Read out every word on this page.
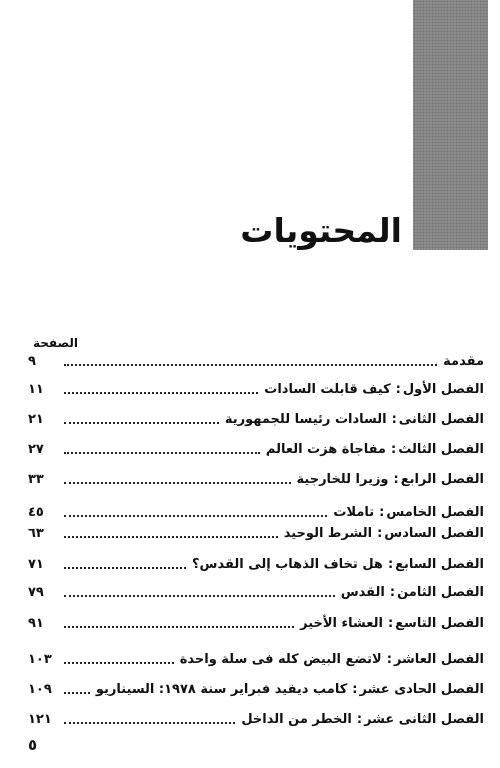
المحتويات
الصفحة
مقدمة
٩
الفصل الأول
:
كيف قابلت السادات
١١
الفصل الثانى
:
السادات رئيسا للجمهورية
٢١
الفصل الثالث
:
مفاجاة هزت العالم
٢٧
الفصل الرابع
:
وزيرا للخارجية
٣٣
الفصل الخامس
:
تاملات
٤٥
الفصل السادس
:
الشرط الوحيد
٦٣
الفصل السابع
:
هل تخاف الذهاب إلى القدس؟
٧١
الفصل الثامن
:
القدس
٧٩
الفصل التاسع
:
العشاء الأخير
٩١
الفصل العاشر
:
لاتضع البيض كله فى سلة واحدة
١٠٣
الفصل الحادى عشر
:
كامب ديفيد فبراير سنة ١٩٧٨: السيناريو
١٠٩
الفصل الثانى عشر
:
الخطر من الداخل
١٢١
٥
